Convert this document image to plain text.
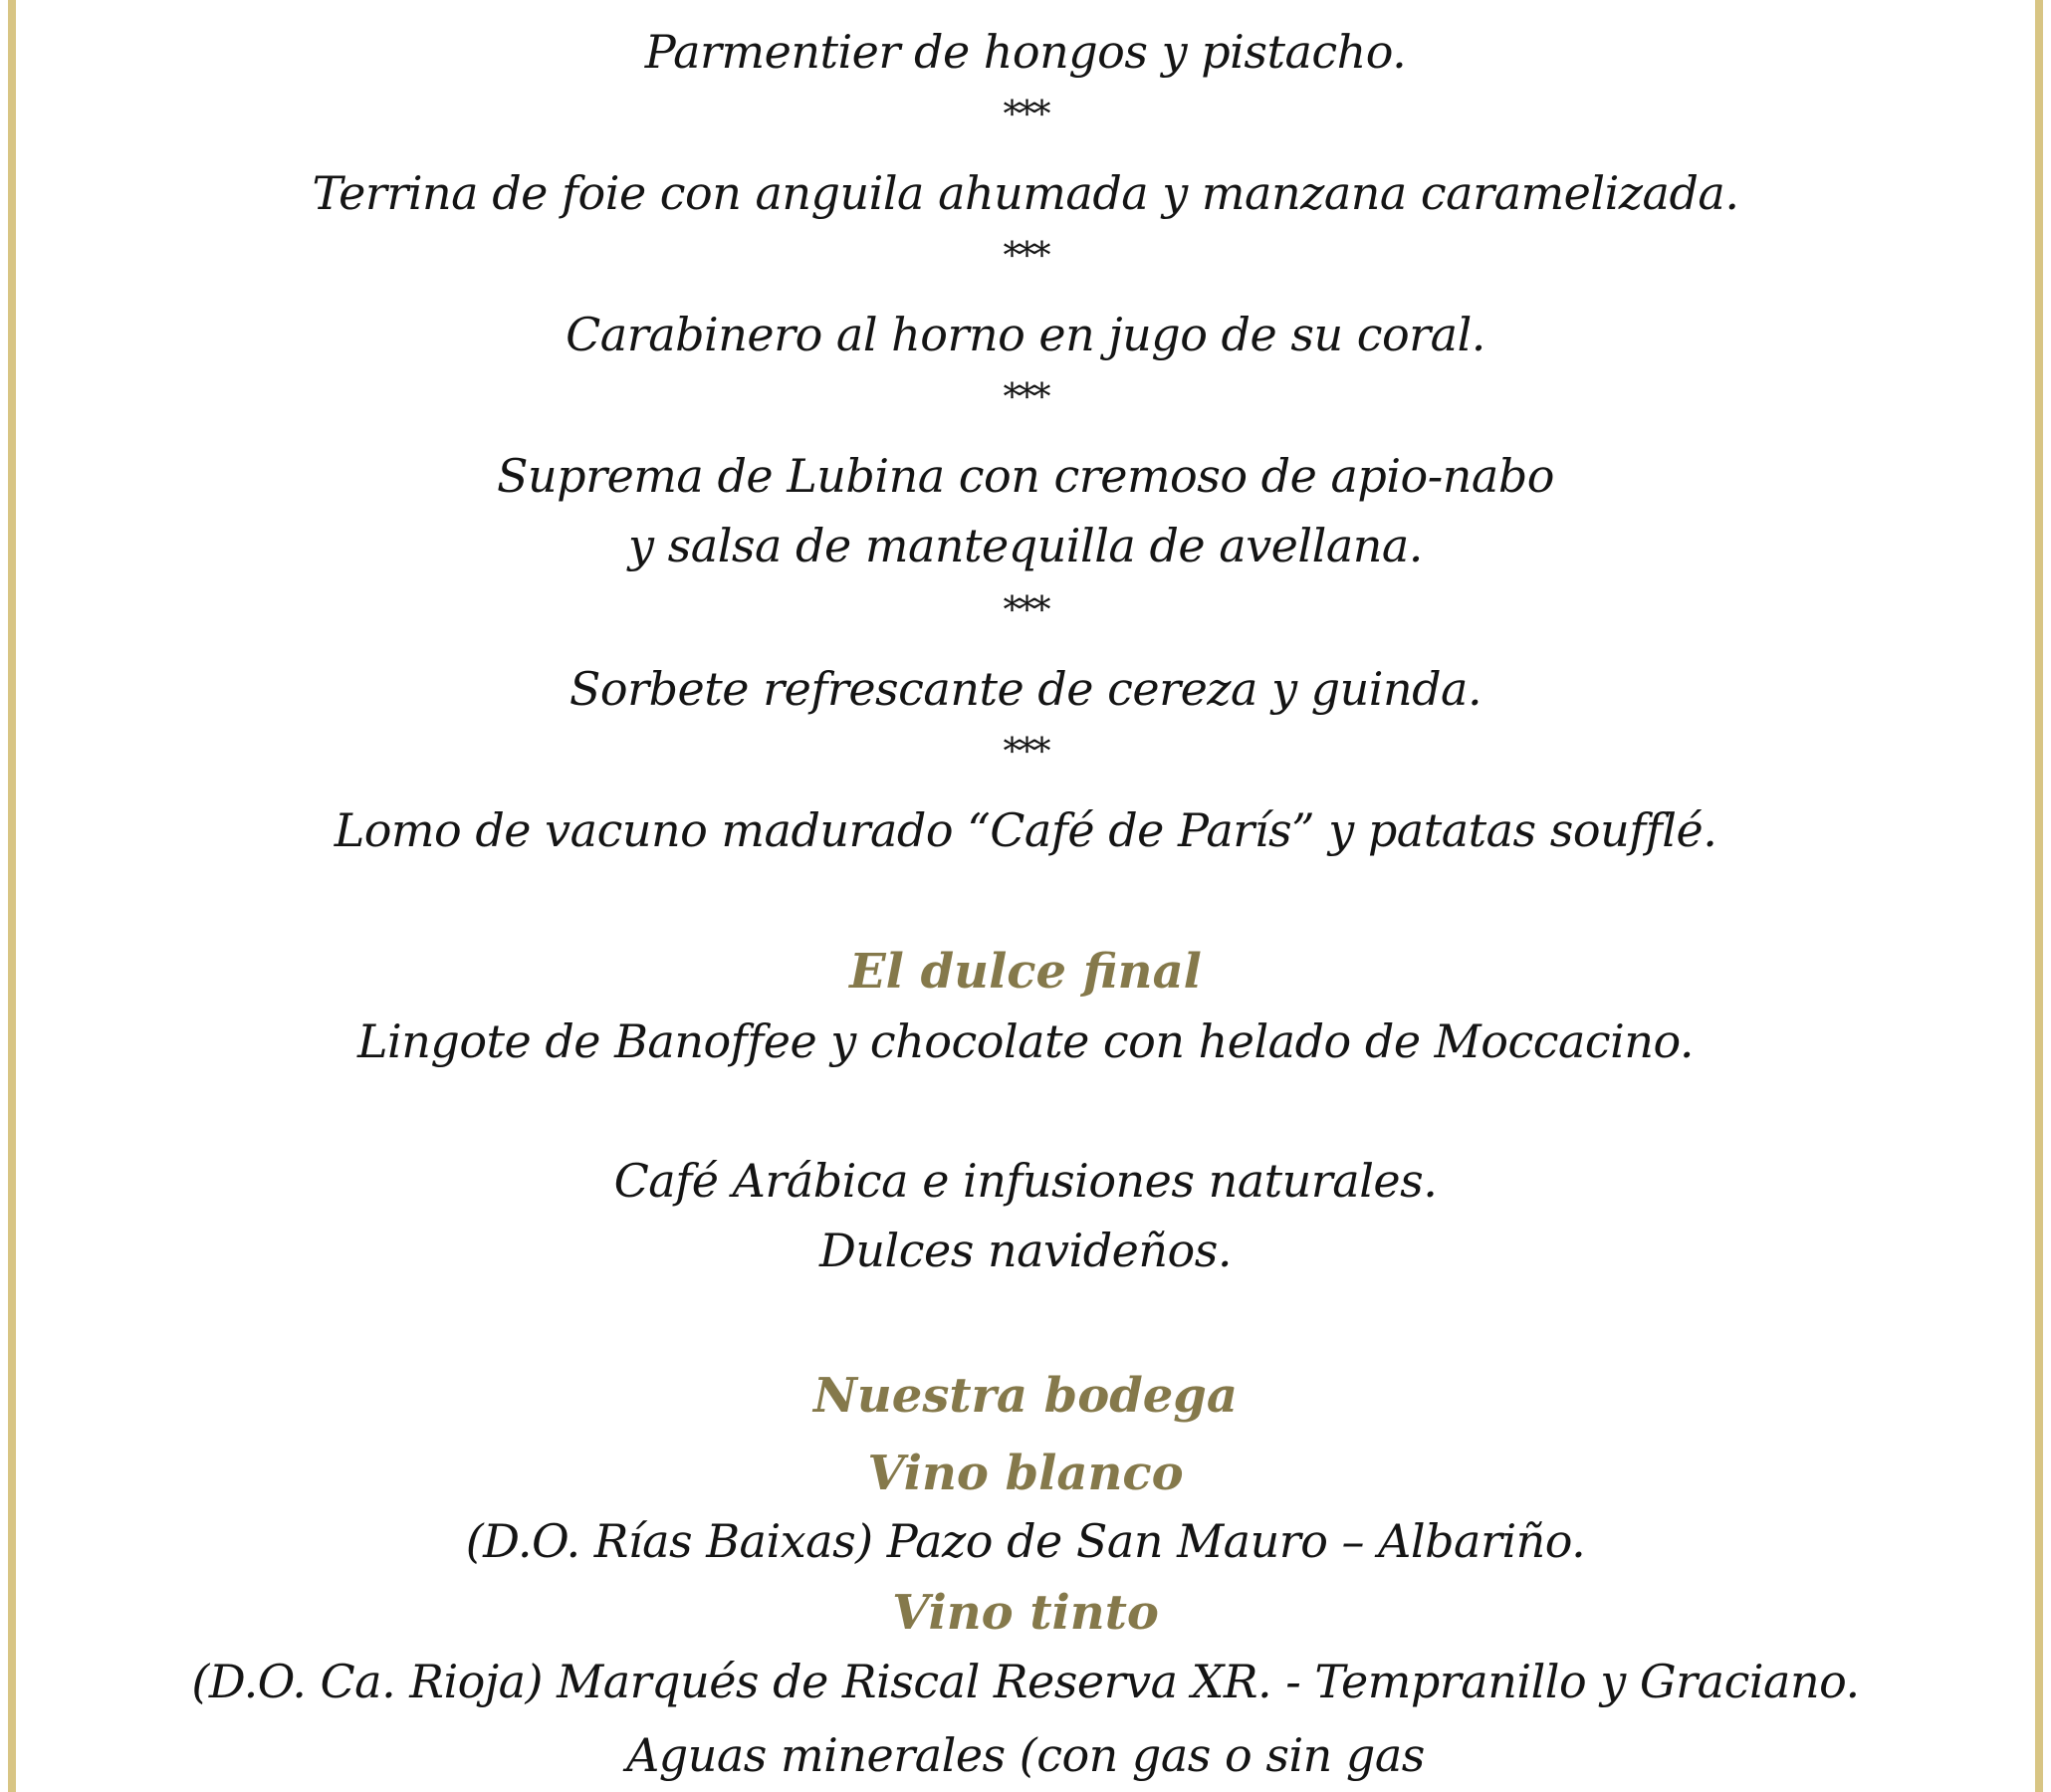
Parmentier de hongos y pistacho.
***
Terrina de foie con anguila ahumada y manzana caramelizada.
***
Carabinero al horno en jugo de su coral.
***
Suprema de Lubina con cremoso de apio-nabo
y salsa de mantequilla de avellana.
***
Sorbete refrescante de cereza y guinda.
***
Lomo de vacuno madurado “Café de París” y patatas soufflé.
El dulce final
Lingote de Banoffee y chocolate con helado de Moccacino.
Café Arábica e infusiones naturales.
Dulces navideños.
Nuestra bodega
Vino blanco
(D.O. Rías Baixas) Pazo de San Mauro – Albariño.
Vino tinto
(D.O. Ca. Rioja) Marqués de Riscal Reserva XR. - Tempranillo y Graciano.
Aguas minerales (con gas o sin gas
